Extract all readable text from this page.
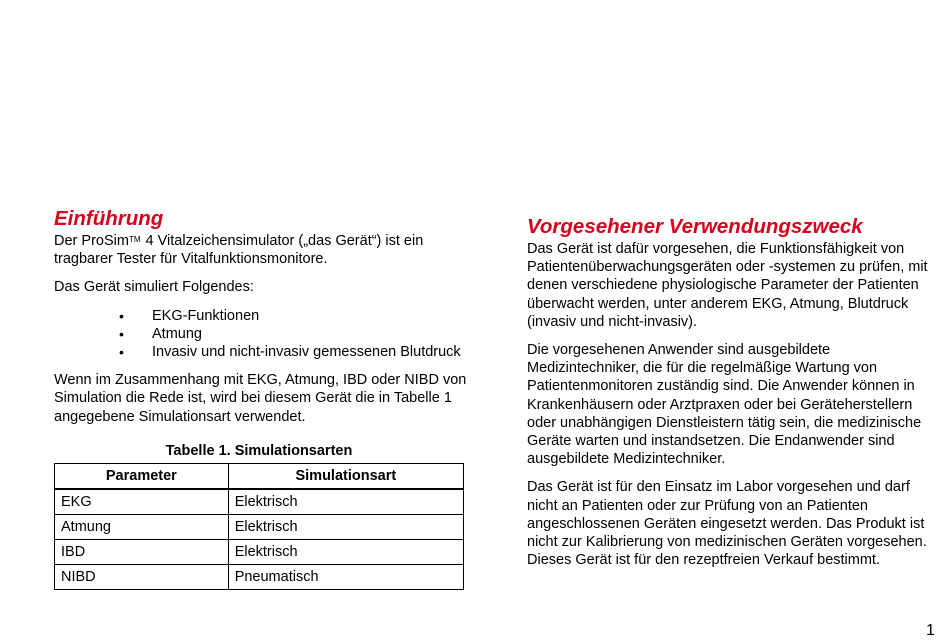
Einführung

Der ProSim™ 4 Vitalzeichensimulator („das Gerät“) ist ein tragbarer Tester für Vitalfunktionsmonitore.

Das Gerät simuliert Folgendes:

• EKG-Funktionen
• Atmung
• Invasiv und nicht-invasiv gemessenen Blutdruck

Wenn im Zusammenhang mit EKG, Atmung, IBD oder NIBD von Simulation die Rede ist, wird bei diesem Gerät die in Tabelle 1 angegebene Simulationsart verwendet.

Tabelle 1. Simulationsarten
Parameter	Simulationsart
EKG	Elektrisch
Atmung	Elektrisch
IBD	Elektrisch
NIBD	Pneumatisch
Vorgesehener Verwendungszweck

Das Gerät ist dafür vorgesehen, die Funktionsfähigkeit von Patientenüberwachungsgeräten oder -systemen zu prüfen, mit denen verschiedene physiologische Parameter der Patienten überwacht werden, unter anderem EKG, Atmung, Blutdruck (invasiv und nicht-invasiv).

Die vorgesehenen Anwender sind ausgebildete Medizintechniker, die für die regelmäßige Wartung von Patientenmonitoren zuständig sind. Die Anwender können in Krankenhäusern oder Arztpraxen oder bei Geräteherstellern oder unabhängigen Dienstleistern tätig sein, die medizinische Geräte warten und instandsetzen. Die Endanwender sind ausgebildete Medizintechniker.

Das Gerät ist für den Einsatz im Labor vorgesehen und darf nicht an Patienten oder zur Prüfung von an Patienten angeschlossenen Geräten eingesetzt werden. Das Produkt ist nicht zur Kalibrierung von medizinischen Geräten vorgesehen. Dieses Gerät ist für den rezeptfreien Verkauf bestimmt.

1
